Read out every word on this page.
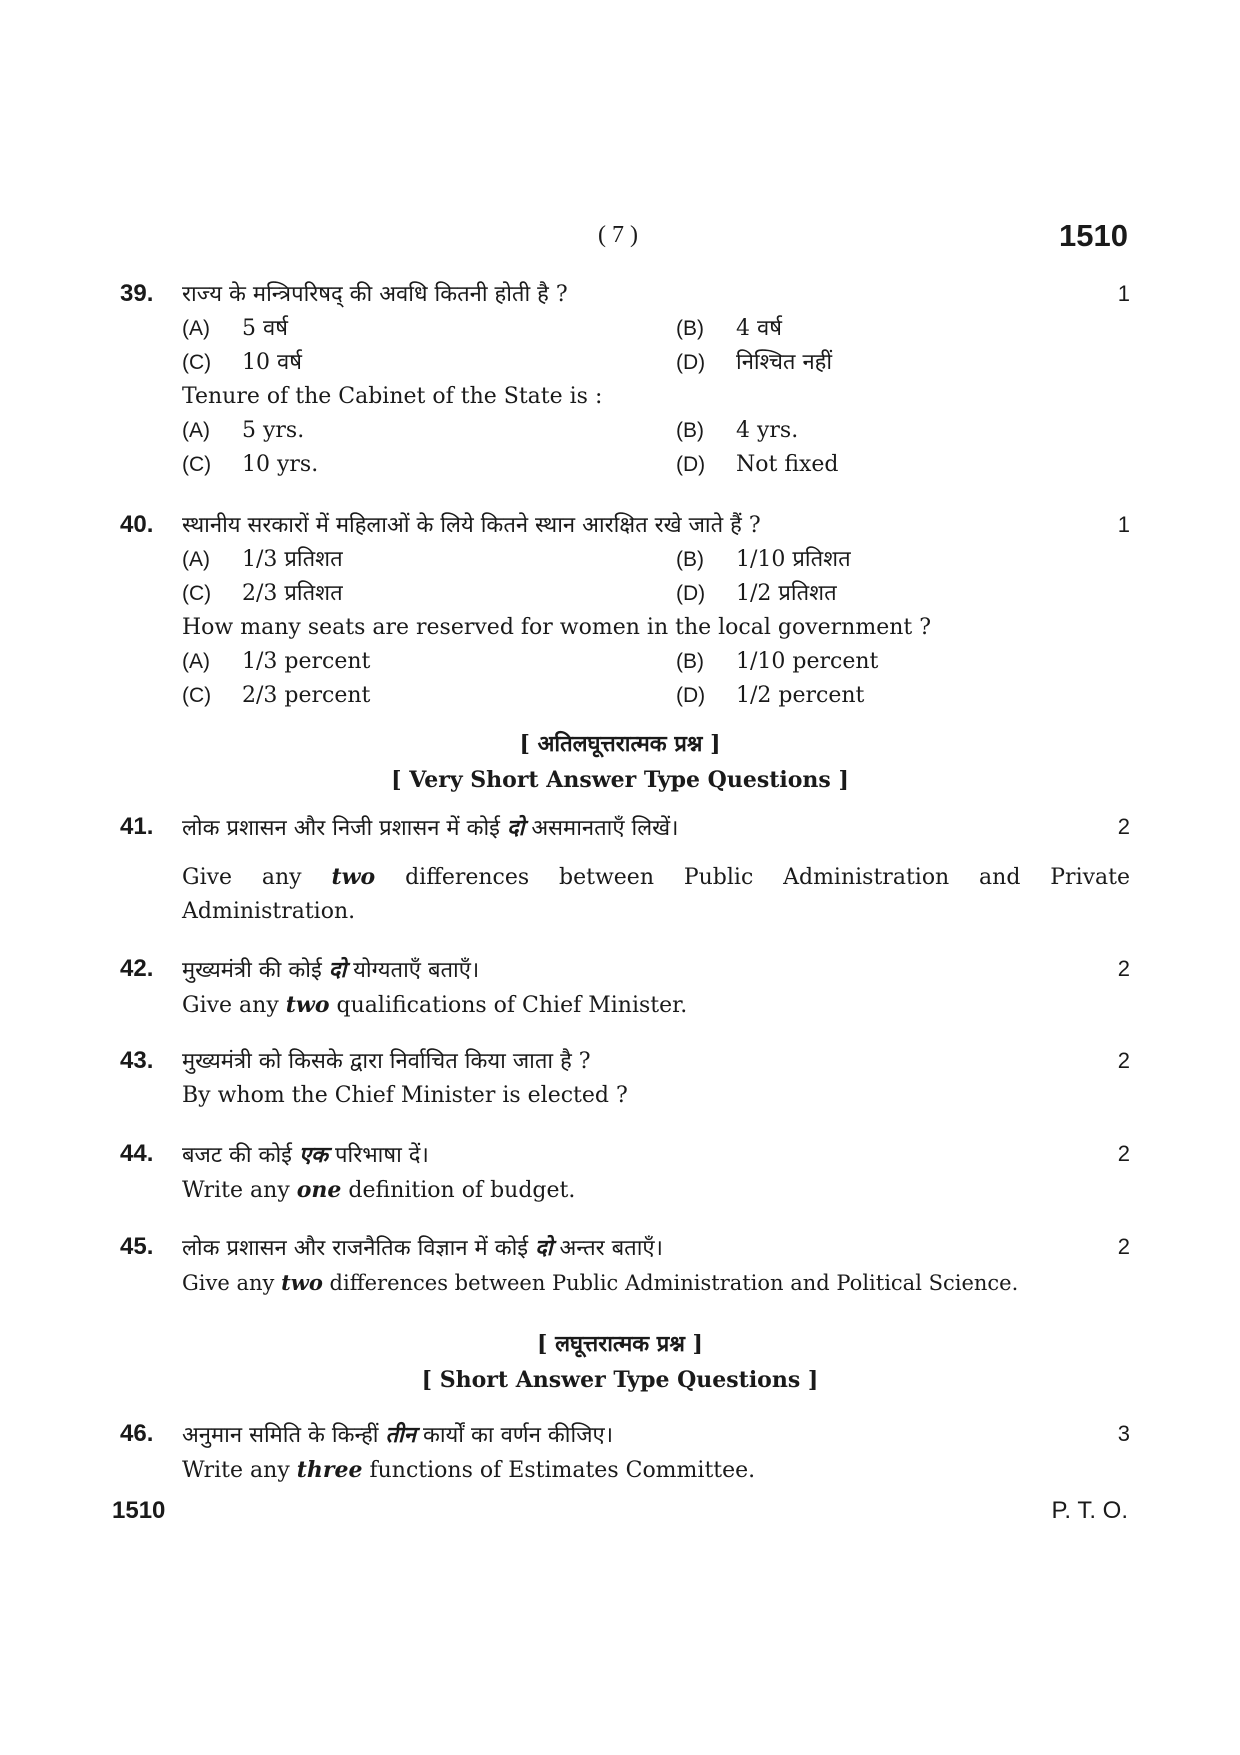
( 7 )	1510
39.	राज्य के मन्त्रिपरिषद् की अवधि कितनी होती है ?	1
(A)	5 वर्ष	(B)	4 वर्ष
(C)	10 वर्ष	(D)	निश्चित नहीं
Tenure of the Cabinet of the State is :
(A)	5 yrs.	(B)	4 yrs.
(C)	10 yrs.	(D)	Not fixed
40.	स्थानीय सरकारों में महिलाओं के लिये कितने स्थान आरक्षित रखे जाते हैं ?	1
(A)	1/3 प्रतिशत	(B)	1/10 प्रतिशत
(C)	2/3 प्रतिशत	(D)	1/2 प्रतिशत
How many seats are reserved for women in the local government ?
(A)	1/3 percent	(B)	1/10 percent
(C)	2/3 percent	(D)	1/2 percent
[ अतिलघूत्तरात्मक प्रश्न ]
[ Very Short Answer Type Questions ]
41.	लोक प्रशासन और निजी प्रशासन में कोई दो असमानताएँ लिखें।	2
Give any two differences between Public Administration and Private
Administration.
42.	मुख्यमंत्री की कोई दो योग्यताएँ बताएँ।	2
Give any two qualifications of Chief Minister.
43.	मुख्यमंत्री को किसके द्वारा निर्वाचित किया जाता है ?	2
By whom the Chief Minister is elected ?
44.	बजट की कोई एक परिभाषा दें।	2
Write any one definition of budget.
45.	लोक प्रशासन और राजनैतिक विज्ञान में कोई दो अन्तर बताएँ।	2
Give any two differences between Public Administration and Political Science.
[ लघूत्तरात्मक प्रश्न ]
[ Short Answer Type Questions ]
46.	अनुमान समिति के किन्हीं तीन कार्यों का वर्णन कीजिए।	3
Write any three functions of Estimates Committee.
1510	P. T. O.
